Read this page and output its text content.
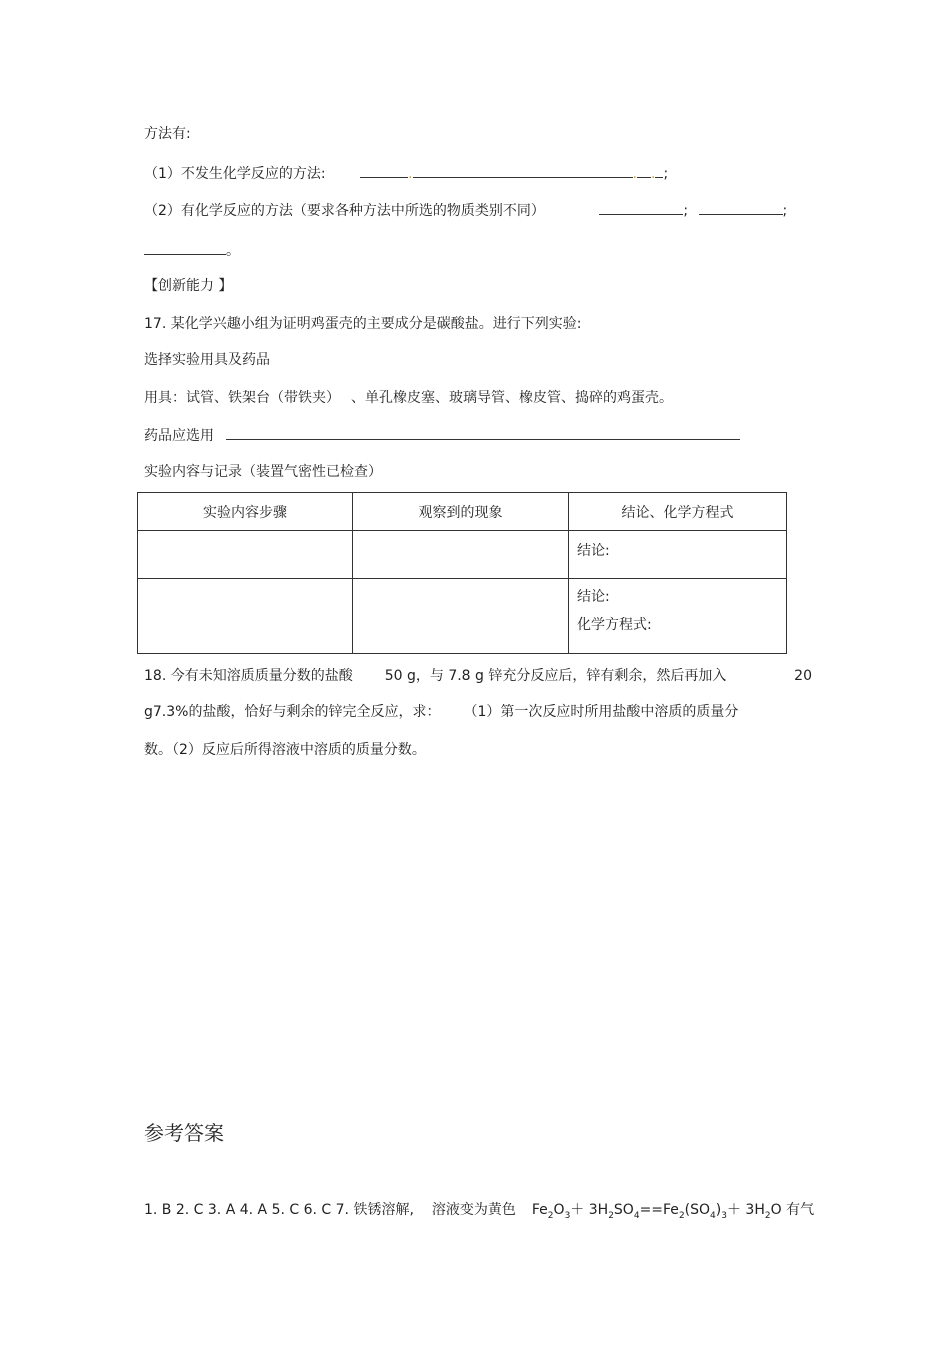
方法有:
（1）不发生化学反应的方法:	.	. . ;
（2）有化学反应的方法（要求各种方法中所选的物质类别不同）	;	;
。
【创新能力 】
17. 某化学兴趣小组为证明鸡蛋壳的主要成分是碳酸盐。进行下列实验:
选择实验用具及药品
用具：试管、铁架台（带铁夹） 、单孔橡皮塞、玻璃导管、橡皮管、捣碎的鸡蛋壳。
药品应选用
实验内容与记录（装置气密性已检查）
实验内容步骤	观察到的现象	结论、化学方程式

		结论:

		结论:
化学方程式:
18. 今有未知溶质质量分数的盐酸 50 g，与 7.8 g 锌充分反应后，锌有剩余，然后再加入	20
g7.3%的盐酸，恰好与剩余的锌完全反应，求： （1）第一次反应时所用盐酸中溶质的质量分
数。（2）反应后所得溶液中溶质的质量分数。
参考答案
1. B 2. C 3. A 4. A 5. C 6. C 7. 铁锈溶解, 溶液变为黄色 $Fe_2O_3+ 3H_2SO_4==Fe_2(SO_4)_3+ 3H_2O$ 有气
